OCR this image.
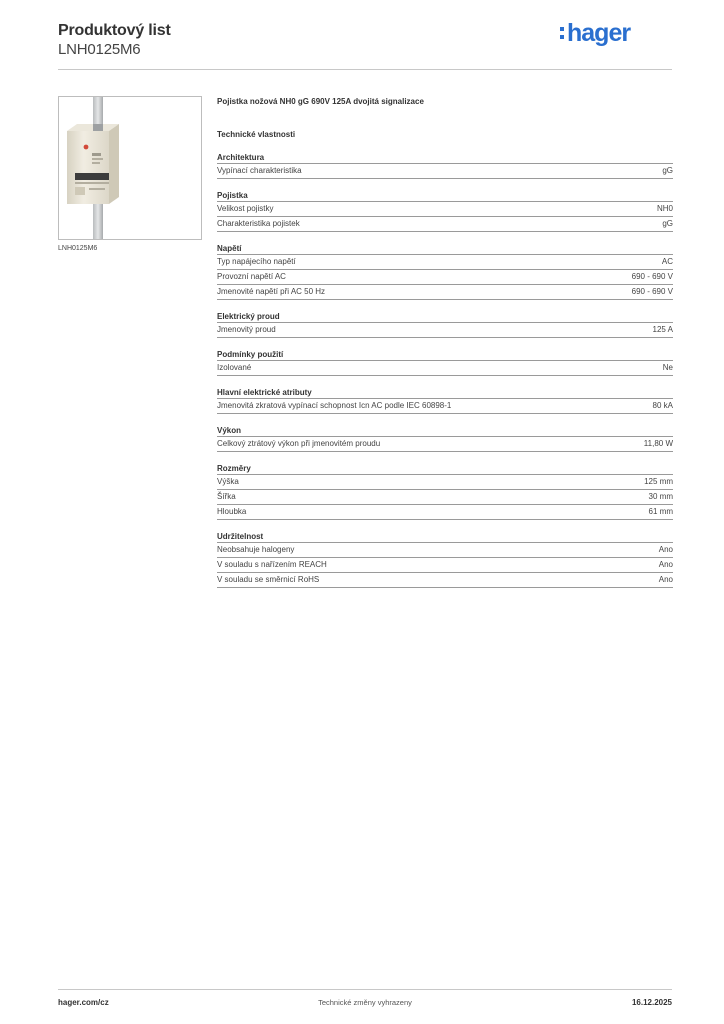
Produktový list
LNH0125M6
hager
LNH0125M6
Pojistka nožová NH0 gG 690V 125A dvojitá signalizace
Technické vlastnosti
Architektura
Vypínací charakteristika	gG
Pojistka
Velikost pojistky	NH0
Charakteristika pojistek	gG
Napětí
Typ napájecího napětí	AC
Provozní napětí AC	690 - 690 V
Jmenovité napětí při AC 50 Hz	690 - 690 V
Elektrický proud
Jmenovitý proud	125 A
Podmínky použití
Izolované	Ne
Hlavní elektrické atributy
Jmenovitá zkratová vypínací schopnost Icn AC podle IEC 60898-1	80 kA
Výkon
Celkový ztrátový výkon při jmenovitém proudu	11,80 W
Rozměry
Výška	125 mm
Šířka	30 mm
Hloubka	61 mm
Udržitelnost
Neobsahuje halogeny	Ano
V souladu s nařízením REACH	Ano
V souladu se směrnicí RoHS	Ano
hager.com/cz	Technické změny vyhrazeny	16.12.2025
